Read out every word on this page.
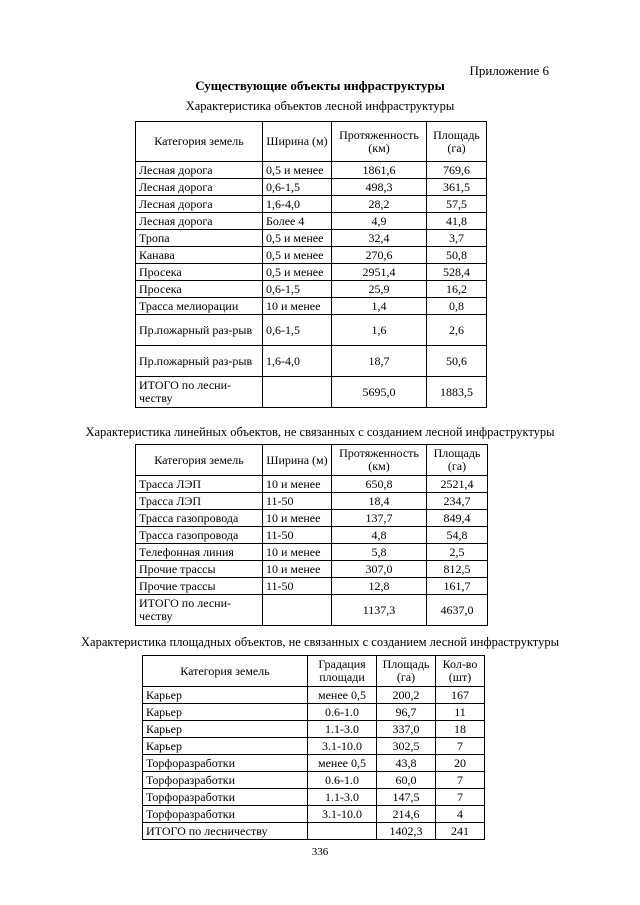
Приложение 6
Существующие объекты инфраструктуры
Характеристика объектов лесной инфраструктуры
Категория земель	Ширина (м)	Протяженность (км)	Площадь (га)
Лесная дорога	0,5 и менее	1861,6	769,6
Лесная дорога	0,6-1,5	498,3	361,5
Лесная дорога	1,6-4,0	28,2	57,5
Лесная дорога	Более 4	4,9	41,8
Тропа	0,5 и менее	32,4	3,7
Канава	0,5 и менее	270,6	50,8
Просека	0,5 и менее	2951,4	528,4
Просека	0,6-1,5	25,9	16,2
Трасса мелиорации	10 и менее	1,4	0,8
Пр.пожарный раз-рыв	0,6-1,5	1,6	2,6
Пр.пожарный раз-рыв	1,6-4,0	18,7	50,6
ИТОГО по лесни-честву		5695,0	1883,5
Характеристика линейных объектов, не связанных с созданием лесной инфраструктуры
Категория земель	Ширина (м)	Протяженность (км)	Площадь (га)
Трасса ЛЭП	10 и менее	650,8	2521,4
Трасса ЛЭП	11-50	18,4	234,7
Трасса газопровода	10 и менее	137,7	849,4
Трасса газопровода	11-50	4,8	54,8
Телефонная линия	10 и менее	5,8	2,5
Прочие трассы	10 и менее	307,0	812,5
Прочие трассы	11-50	12,8	161,7
ИТОГО по лесни-честву		1137,3	4637,0
Характеристика площадных объектов, не связанных с созданием лесной инфраструктуры
Категория земель	Градация площади	Площадь (га)	Кол-во (шт)
Карьер	менее 0,5	200,2	167
Карьер	0.6-1.0	96,7	11
Карьер	1.1-3.0	337,0	18
Карьер	3.1-10.0	302,5	7
Торфоразработки	менее 0,5	43,8	20
Торфоразработки	0.6-1.0	60,0	7
Торфоразработки	1.1-3.0	147,5	7
Торфоразработки	3.1-10.0	214,6	4
ИТОГО по лесничеству		1402,3	241
336
